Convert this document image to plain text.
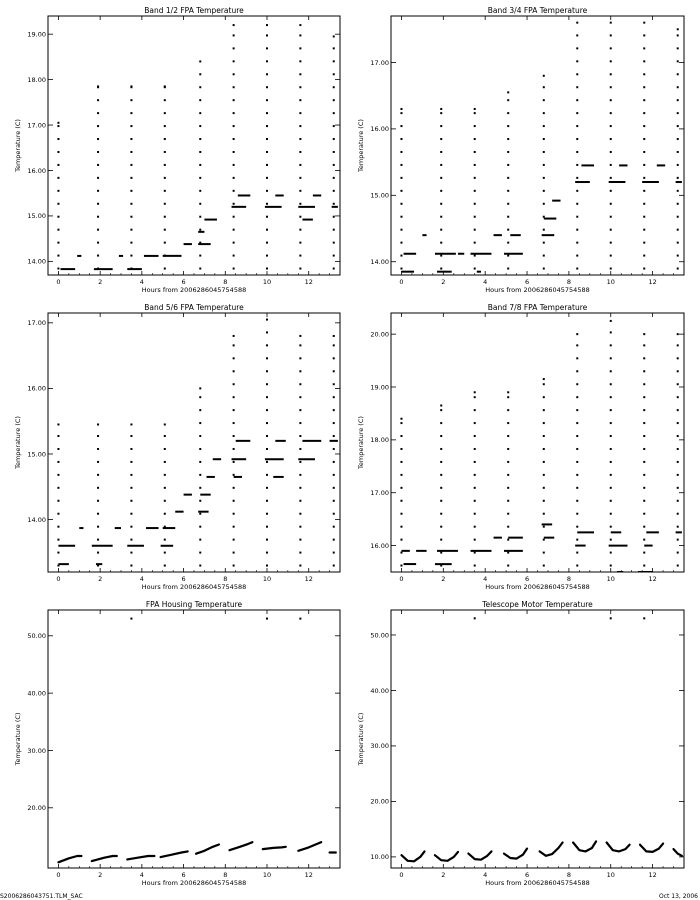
Band 1/2 FPA Temperature
0	2	4	6	8	10	12
Hours from 2006286045754588
14.00
15.00
16.00
17.00
18.00
19.00
Temperature (C)
Band 3/4 FPA Temperature
0	2	4	6	8	10	12
Hours from 2006286045754588
14.00
15.00
16.00
17.00
Temperature (C)
Band 5/6 FPA Temperature
0	2	4	6	8	10	12
Hours from 2006286045754588
14.00
15.00
16.00
17.00
Temperature (C)
Band 7/8 FPA Temperature
0	2	4	6	8	10	12
Hours from 2006286045754588
16.00
17.00
18.00
19.00
20.00
Temperature (C)
FPA Housing Temperature
0	2	4	6	8	10	12
Hours from 2006286045754588
20.00
30.00
40.00
50.00
Temperature (C)
Telescope Motor Temperature
0	2	4	6	8	10	12
Hours from 2006286045754588
10.00
20.00
30.00
40.00
50.00
Temperature (C)
S2006286043751.TLM_SAC	Oct 13, 2006
